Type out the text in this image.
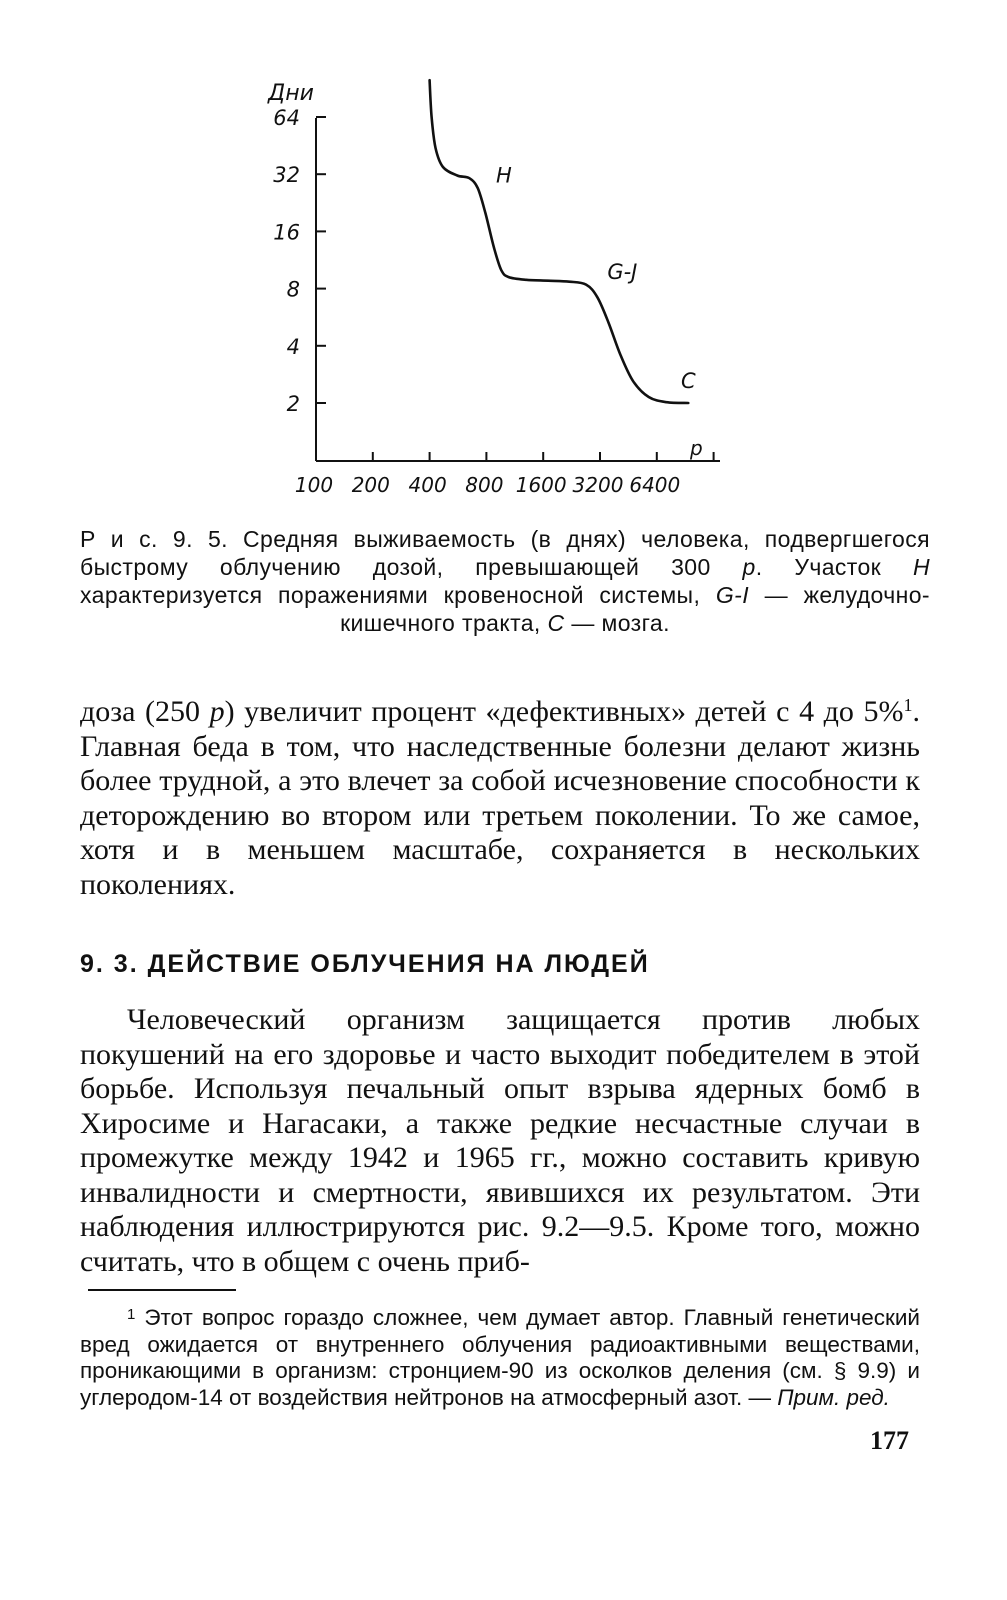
Дни
р
2
4
8
16
32
64
100 200 400 800 1600 3200 6400
H
G-J
C
Р и с. 9. 5. Средняя выживаемость (в днях) человека, подвергшегося быстрому облучению дозой, превышающей 300 р. Участок H характеризуется поражениями кровеносной системы, G-I — желудочно-кишечного тракта, C — мозга.
доза (250 р) увеличит процент «дефективных» детей с 4 до 5%$^1$. Главная беда в том, что наследственные болезни делают жизнь более трудной, а это влечет за собой исчезновение способности к деторождению во втором или третьем поколении. То же самое, хотя и в меньшем масштабе, сохраняется в нескольких поколениях.
9. 3. ДЕЙСТВИЕ ОБЛУЧЕНИЯ НА ЛЮДЕЙ
Человеческий организм защищается против любых покушений на его здоровье и часто выходит победителем в этой борьбе. Используя печальный опыт взрыва ядерных бомб в Хиросиме и Нагасаки, а также редкие несчастные случаи в промежутке между 1942 и 1965 гг., можно составить кривую инвалидности и смертности, явившихся их результатом. Эти наблюдения иллюстрируются рис. 9.2—9.5. Кроме того, можно считать, что в общем с очень приб-
$^1$ Этот вопрос гораздо сложнее, чем думает автор. Главный генетический вред ожидается от внутреннего облучения радиоактивными веществами, проникающими в организм: стронцием-90 из осколков деления (см. § 9.9) и углеродом-14 от воздействия нейтронов на атмосферный азот. — Прим. ред.
177
